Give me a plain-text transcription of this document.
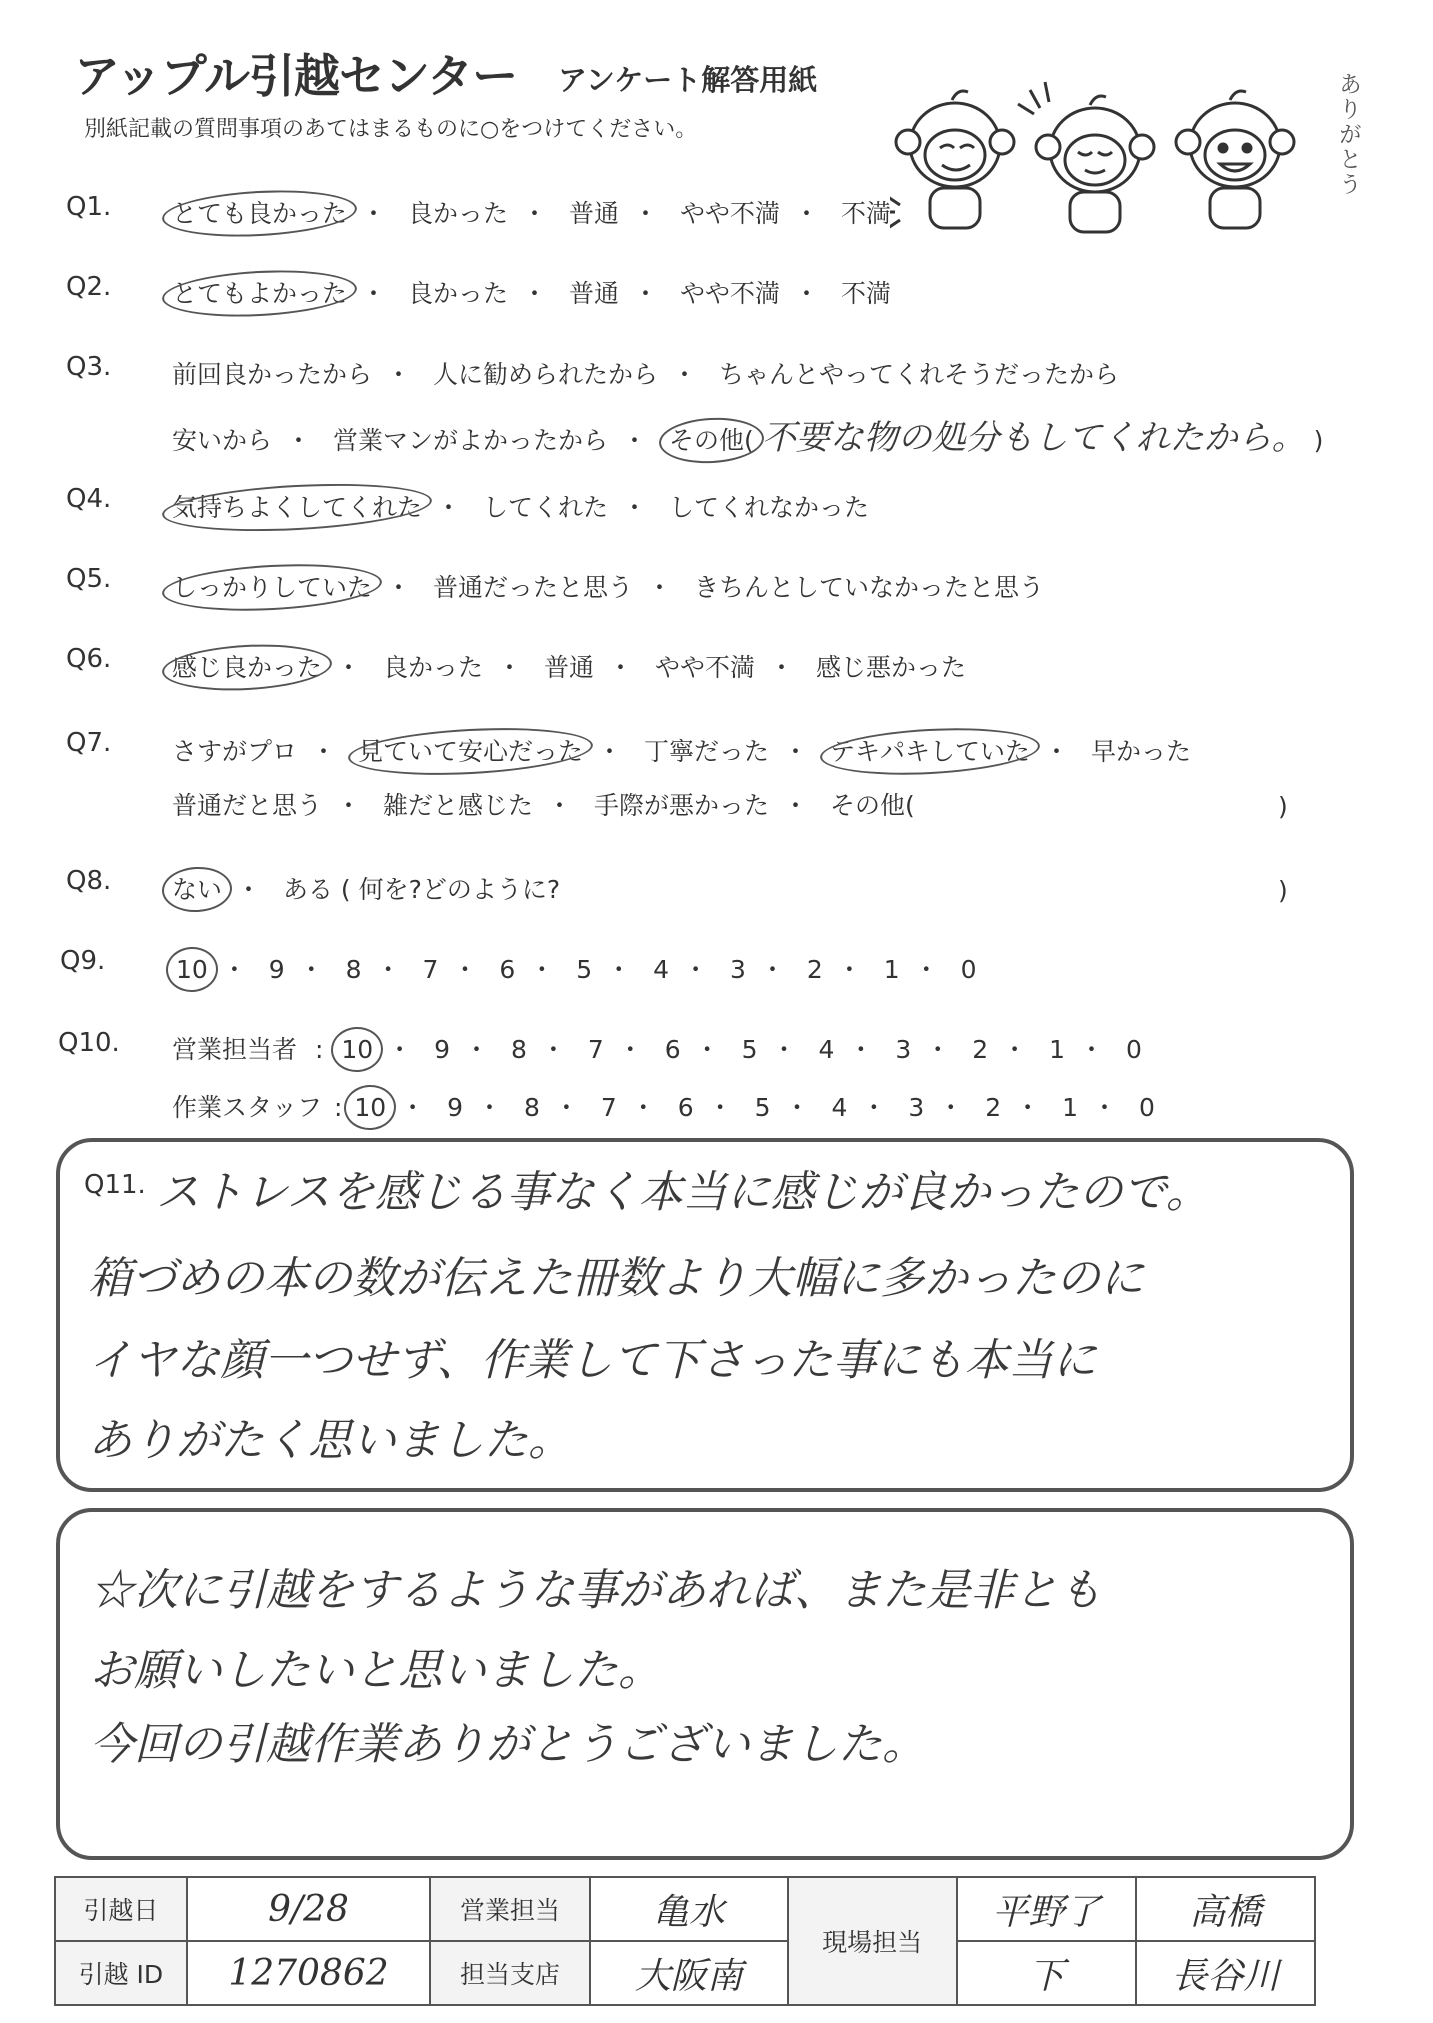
アップル引越センター アンケート解答用紙
別紙記載の質問事項のあてはまるものに○をつけてください。	ありがとう
Q1. とても良かった ・ 良かった ・ 普通 ・ やや不満 ・ 不満
Q2. とてもよかった ・ 良かった ・ 普通 ・ やや不満 ・ 不満
Q3. 前回良かったから ・ 人に勧められたから ・ ちゃんとやってくれそうだったから
安いから ・ 営業マンがよかったから ・ その他( 不要な物の処分もしてくれたから。 )
Q4. 気持ちよくしてくれた ・ してくれた ・ してくれなかった
Q5. しっかりしていた ・ 普通だったと思う ・ きちんとしていなかったと思う
Q6. 感じ良かった ・ 良かった ・ 普通 ・ やや不満 ・ 感じ悪かった
Q7. さすがプロ ・ 見ていて安心だった ・ 丁寧だった ・ テキパキしていた ・ 早かった
普通だと思う ・ 雑だと感じた ・ 手際が悪かった ・ その他(	)
Q8. ない ・ ある ( 何を?どのように?	)
Q9.	10 ・ 9 ・ 8 ・ 7 ・ 6 ・ 5 ・ 4 ・ 3 ・ 2 ・ 1 ・ 0
Q10. 営業担当者 : 10 ・ 9 ・ 8 ・ 7 ・ 6 ・ 5 ・ 4 ・ 3 ・ 2 ・ 1 ・ 0
作業スタッフ : 10 ・ 9 ・ 8 ・ 7 ・ 6 ・ 5 ・ 4 ・ 3 ・ 2 ・ 1 ・ 0
Q11. ストレスを感じる事なく本当に感じが良かったので。
箱づめの本の数が伝えた冊数より大幅に多かったのに
イヤな顔一つせず、作業して下さった事にも本当に
ありがたく思いました。
☆次に引越をするような事があれば、また是非とも
お願いしたいと思いました。
今回の引越作業ありがとうございました。
引越日	9/28	営業担当	亀水	現場担当	平野了	高橋
引越 ID	1270862	担当支店	大阪南		下	長谷川
